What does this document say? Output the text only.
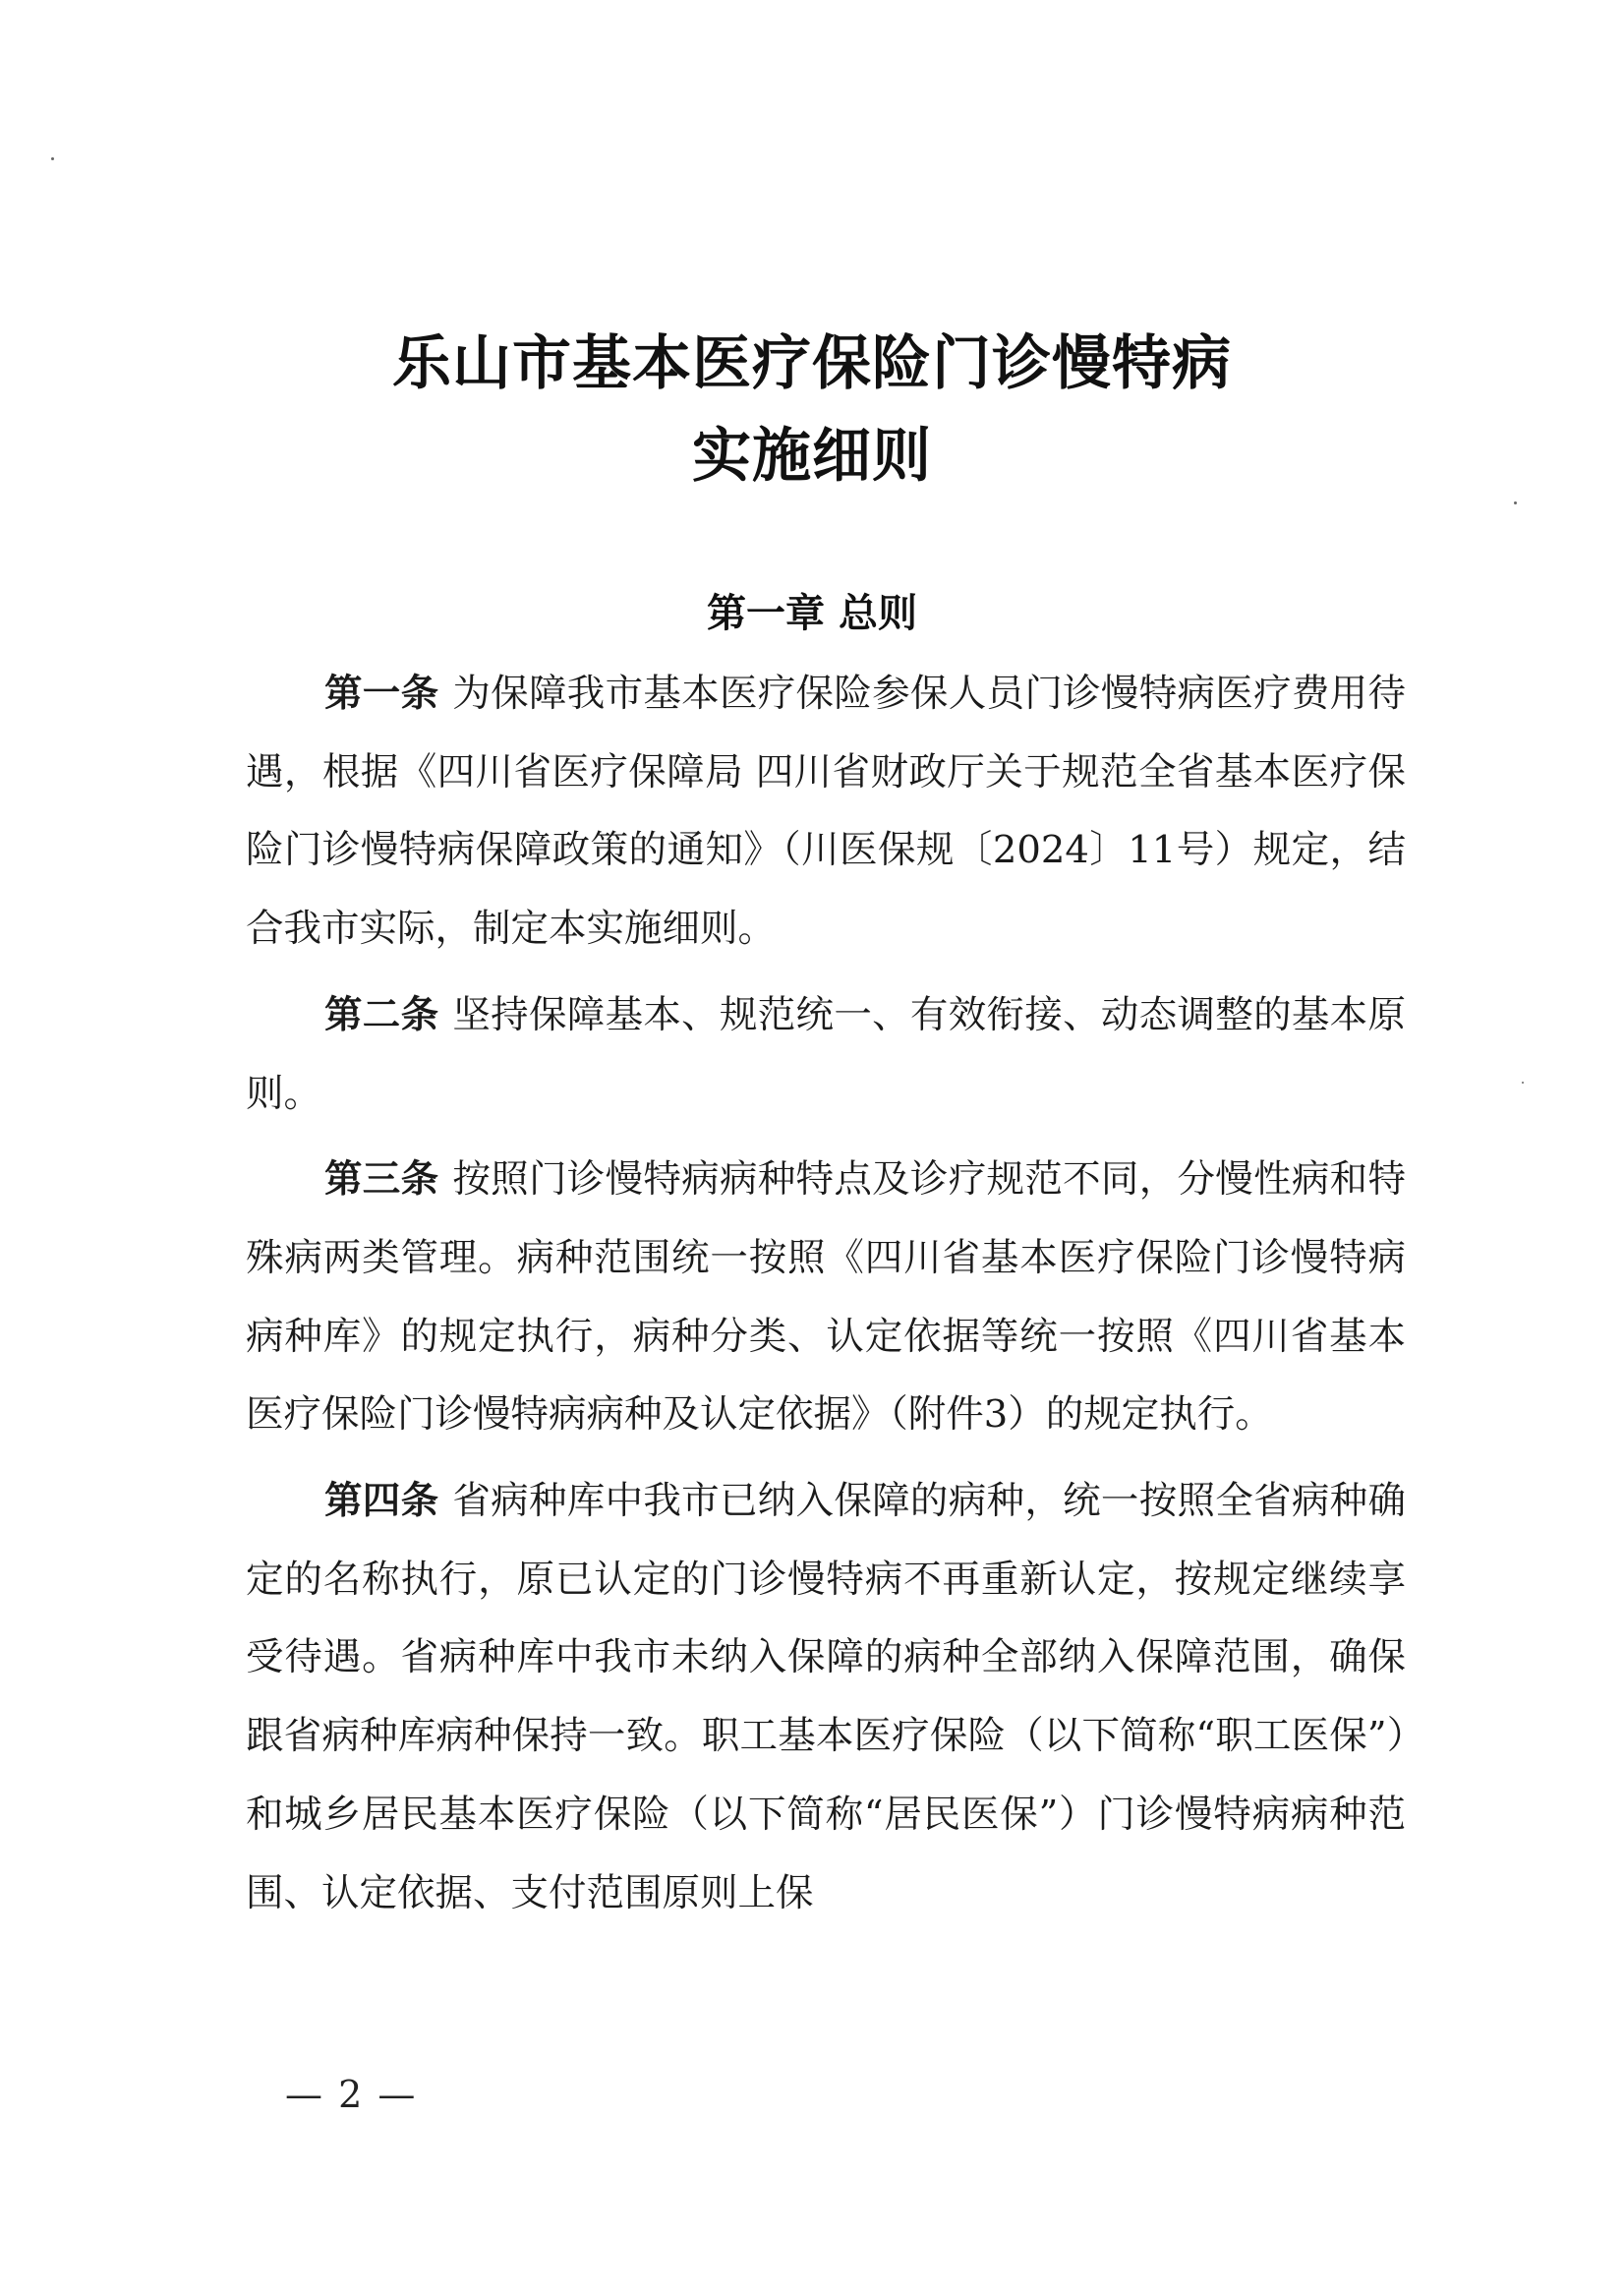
乐山市基本医疗保险门诊慢特病
实施细则
第一章 总则

第一条 为保障我市基本医疗保险参保人员门诊慢特病医疗费用待遇，根据《四川省医疗保障局 四川省财政厅关于规范全省基本医疗保险门诊慢特病保障政策的通知》（川医保规〔2024〕11号）规定，结合我市实际，制定本实施细则。

第二条 坚持保障基本、规范统一、有效衔接、动态调整的基本原则。

第三条 按照门诊慢特病病种特点及诊疗规范不同，分慢性病和特殊病两类管理。病种范围统一按照《四川省基本医疗保险门诊慢特病病种库》的规定执行，病种分类、认定依据等统一按照《四川省基本医疗保险门诊慢特病病种及认定依据》（附件3）的规定执行。

第四条 省病种库中我市已纳入保障的病种，统一按照全省病种确定的名称执行，原已认定的门诊慢特病不再重新认定，按规定继续享受待遇。省病种库中我市未纳入保障的病种全部纳入保障范围，确保跟省病种库病种保持一致。职工基本医疗保险（以下简称“职工医保”）和城乡居民基本医疗保险（以下简称“居民医保”）门诊慢特病病种范围、认定依据、支付范围原则上保

— 2 —
